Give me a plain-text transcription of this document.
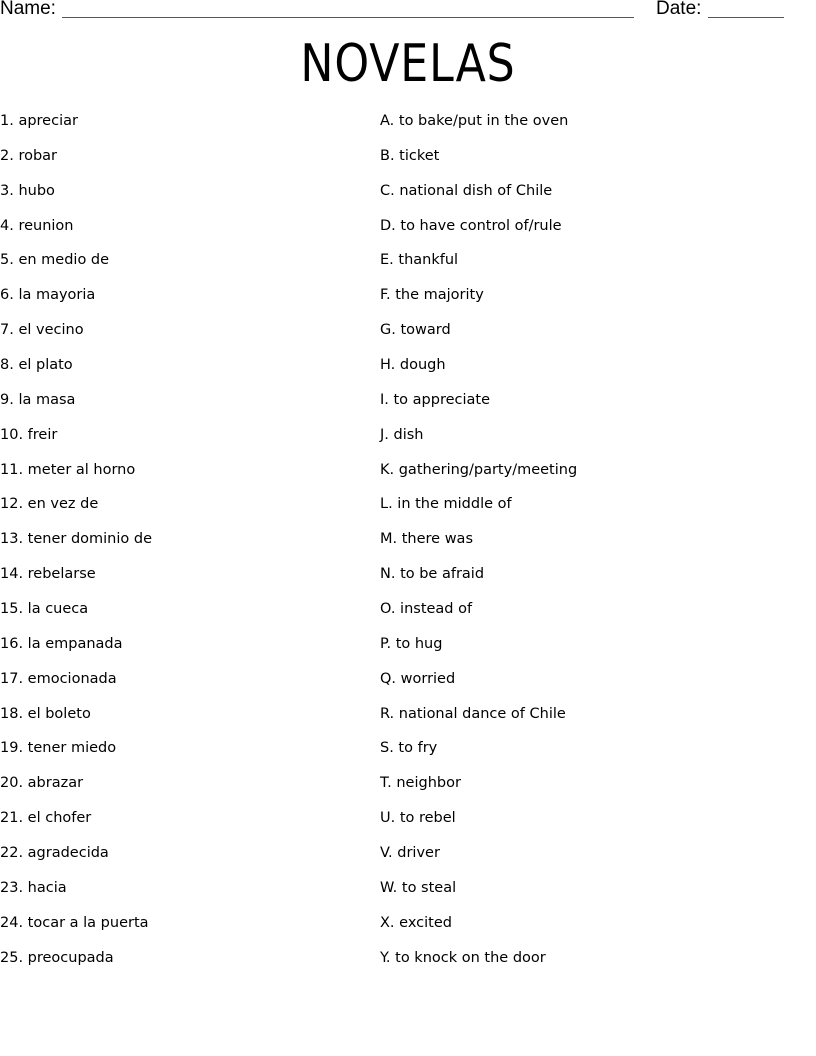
Name:	Date:
NOVELAS
1. apreciar
2. robar
3. hubo
4. reunion
5. en medio de
6. la mayoria
7. el vecino
8. el plato
9. la masa
10. freir
11. meter al horno
12. en vez de
13. tener dominio de
14. rebelarse
15. la cueca
16. la empanada
17. emocionada
18. el boleto
19. tener miedo
20. abrazar
21. el chofer
22. agradecida
23. hacia
24. tocar a la puerta
25. preocupada
A. to bake/put in the oven
B. ticket
C. national dish of Chile
D. to have control of/rule
E. thankful
F. the majority
G. toward
H. dough
I. to appreciate
J. dish
K. gathering/party/meeting
L. in the middle of
M. there was
N. to be afraid
O. instead of
P. to hug
Q. worried
R. national dance of Chile
S. to fry
T. neighbor
U. to rebel
V. driver
W. to steal
X. excited
Y. to knock on the door
